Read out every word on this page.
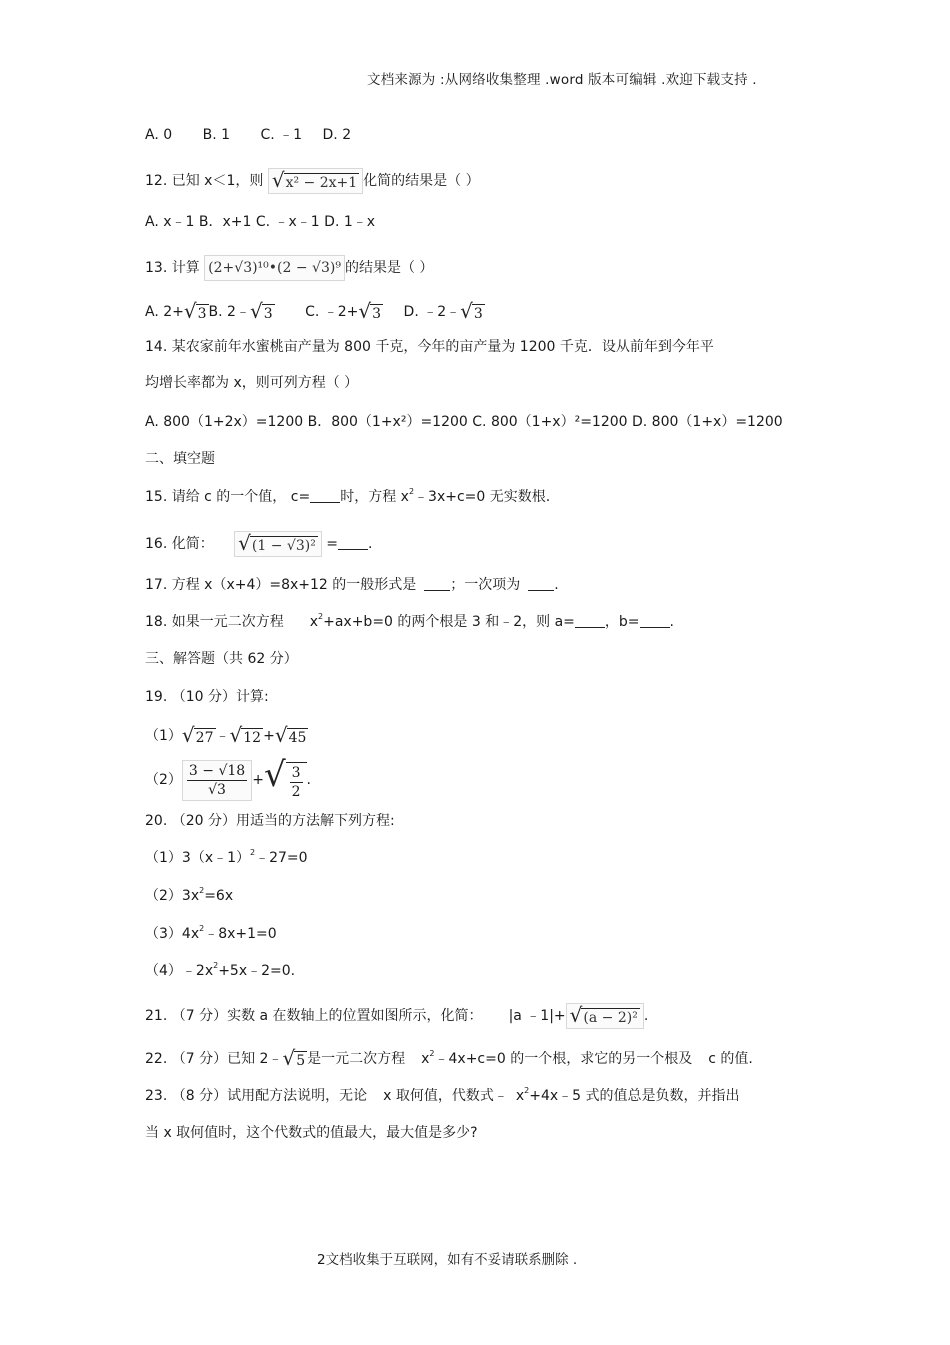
文档来源为 :从网络收集整理 .word 版本可编辑 .欢迎下载支持 .
A. 0 B. 1 C. ﹣1 D. 2
12. 已知 x＜1，则 √x² − 2x+1 化简的结果是（ ）
A. x﹣1 B．x+1 C. ﹣x﹣1 D. 1﹣x
13. 计算 (2+√3)¹⁰•(2 − √3)⁹ 的结果是（ ）
A. 2+√3 B. 2﹣√3 C. ﹣2+√3 D. ﹣2﹣√3
14. 某农家前年水蜜桃亩产量为 800 千克，今年的亩产量为 1200 千克．设从前年到今年平
均增长率都为 x，则可列方程（ ）
A. 800（1+2x）=1200 B．800（1+x²）=1200 C. 800（1+x）²=1200 D. 800（1+x）=1200
二、填空题
15. 请给 c 的一个值， c= 时，方程 $x^2﹣3x+c=0$ 无实数根.
16. 化简： √(1 − √3)² = .
17. 方程 x（x+4）=8x+12 的一般形式是 ；一次项为 .
18. 如果一元二次方程 $x^2+ax+b=0$ 的两个根是 3 和﹣2，则 a= ，b= .
三、解答题（共 62 分）
19. （10 分）计算:
（1）√27 ﹣√12 +√45
$(2) \frac{3 - √18}{√3}$ +√ $\frac{3}{2}$ .
20. （20 分）用适当的方法解下列方程:
（1）3（x﹣1）$^2$﹣27=0
$(2)3x^2=6x$
$(3)4x^2﹣8x+1=0$
$(4)﹣2x^2+5x﹣2=0$.
21. （7 分）实数 a 在数轴上的位置如图所示，化简： |a ﹣1|+ √(a − 2)² .
22. （7 分）已知 2﹣√5 是一元二次方程 $x^2﹣4x+c=0$ 的一个根，求它的另一个根及 c 的值.
23. （8 分）试用配方法说明，无论 x 取何值，代数式﹣ $x^2+4x﹣5$ 式的值总是负数，并指出
当 x 取何值时，这个代数式的值最大，最大值是多少?
2文档收集于互联网，如有不妥请联系删除 .
